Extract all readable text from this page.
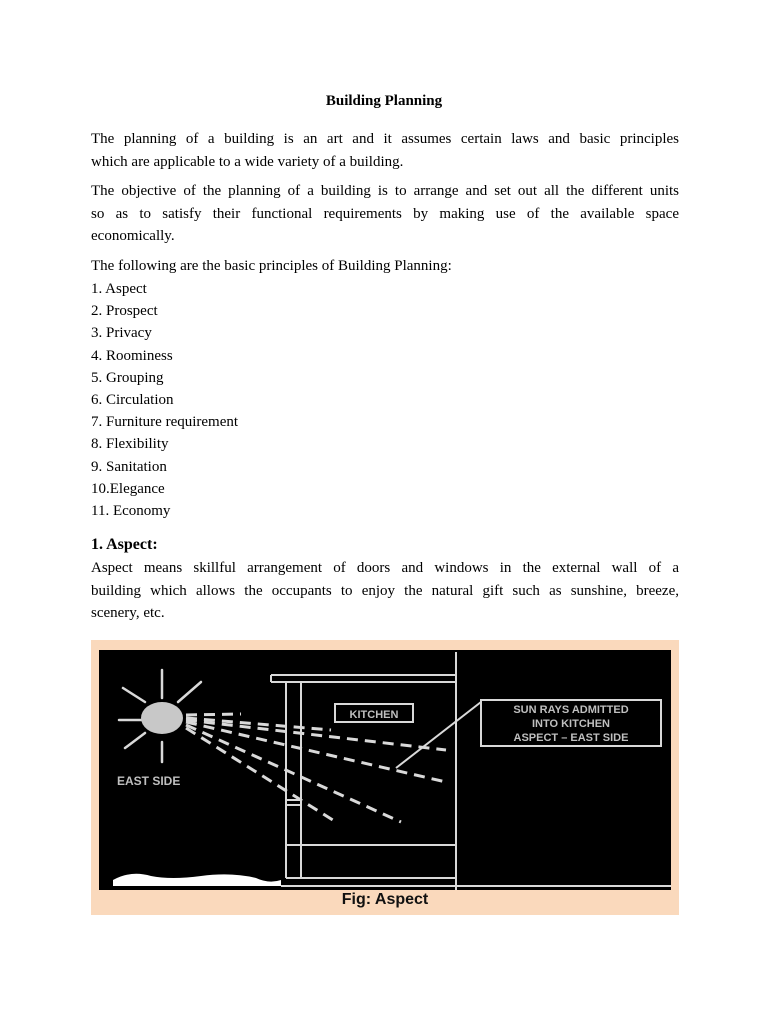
Building Planning
The planning of a building is an art and it assumes certain laws and basic principles
which are applicable to a wide variety of a building.
The objective of the planning of a building is to arrange and set out all the different units
so as to satisfy their functional requirements by making use of the available space
economically.
The following are the basic principles of Building Planning:
1. Aspect
2. Prospect
3. Privacy
4. Roominess
5. Grouping
6. Circulation
7. Furniture requirement
8. Flexibility
9. Sanitation
10.Elegance
11. Economy
1. Aspect:
Aspect means skillful arrangement of doors and windows in the external wall of a
building which allows the occupants to enjoy the natural gift such as sunshine, breeze,
scenery, etc.
KITCHEN
EAST SIDE
SUN RAYS ADMITTED
INTO KITCHEN
ASPECT – EAST SIDE
Fig: Aspect
